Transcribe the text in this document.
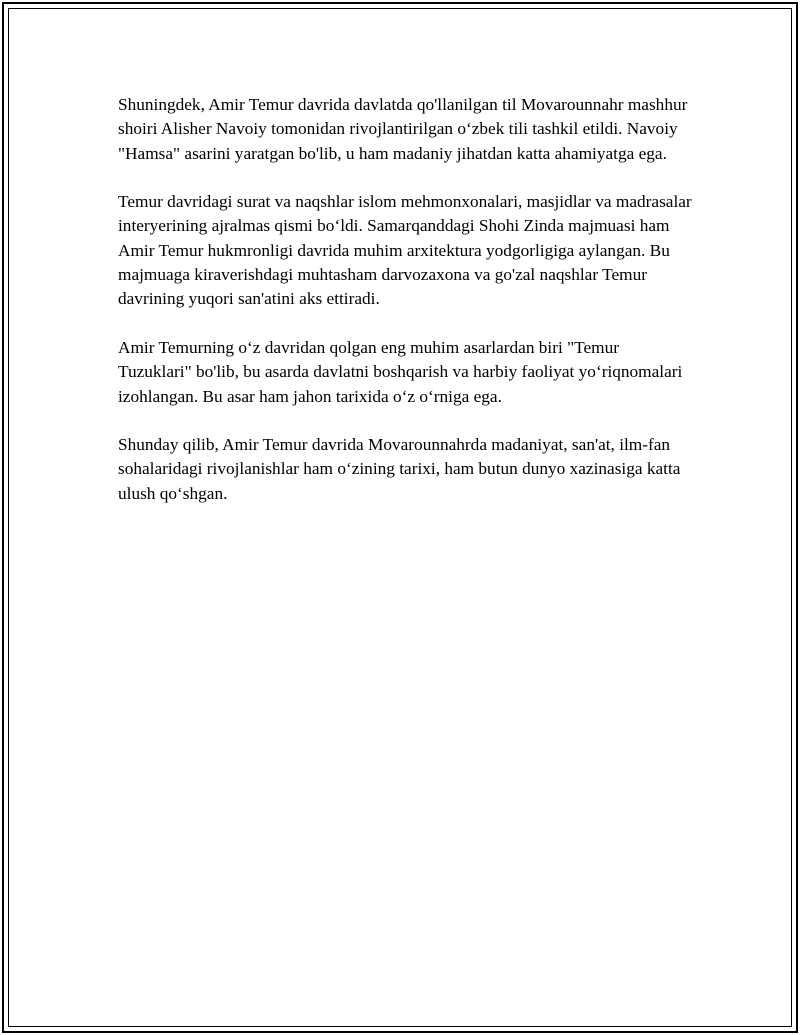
Shuningdek, Amir Temur davrida davlatda qo'llanilgan til Movarounnahr mashhur shoiri Alisher Navoiy tomonidan rivojlantirilgan o‘zbek tili tashkil etildi. Navoiy "Hamsa" asarini yaratgan bo'lib, u ham madaniy jihatdan katta ahamiyatga ega.

Temur davridagi surat va naqshlar islom mehmonxonalari, masjidlar va madrasalar interyerining ajralmas qismi bo‘ldi. Samarqanddagi Shohi Zinda majmuasi ham Amir Temur hukmronligi davrida muhim arxitektura yodgorligiga aylangan. Bu majmuaga kiraverishdagi muhtasham darvozaxona va go'zal naqshlar Temur davrining yuqori san'atini aks ettiradi.

Amir Temurning o‘z davridan qolgan eng muhim asarlardan biri "Temur Tuzuklari" bo'lib, bu asarda davlatni boshqarish va harbiy faoliyat yo‘riqnomalari izohlangan. Bu asar ham jahon tarixida o‘z o‘rniga ega.

Shunday qilib, Amir Temur davrida Movarounnahrda madaniyat, san'at, ilm-fan sohalaridagi rivojlanishlar ham o‘zining tarixi, ham butun dunyo xazinasiga katta ulush qo‘shgan.
